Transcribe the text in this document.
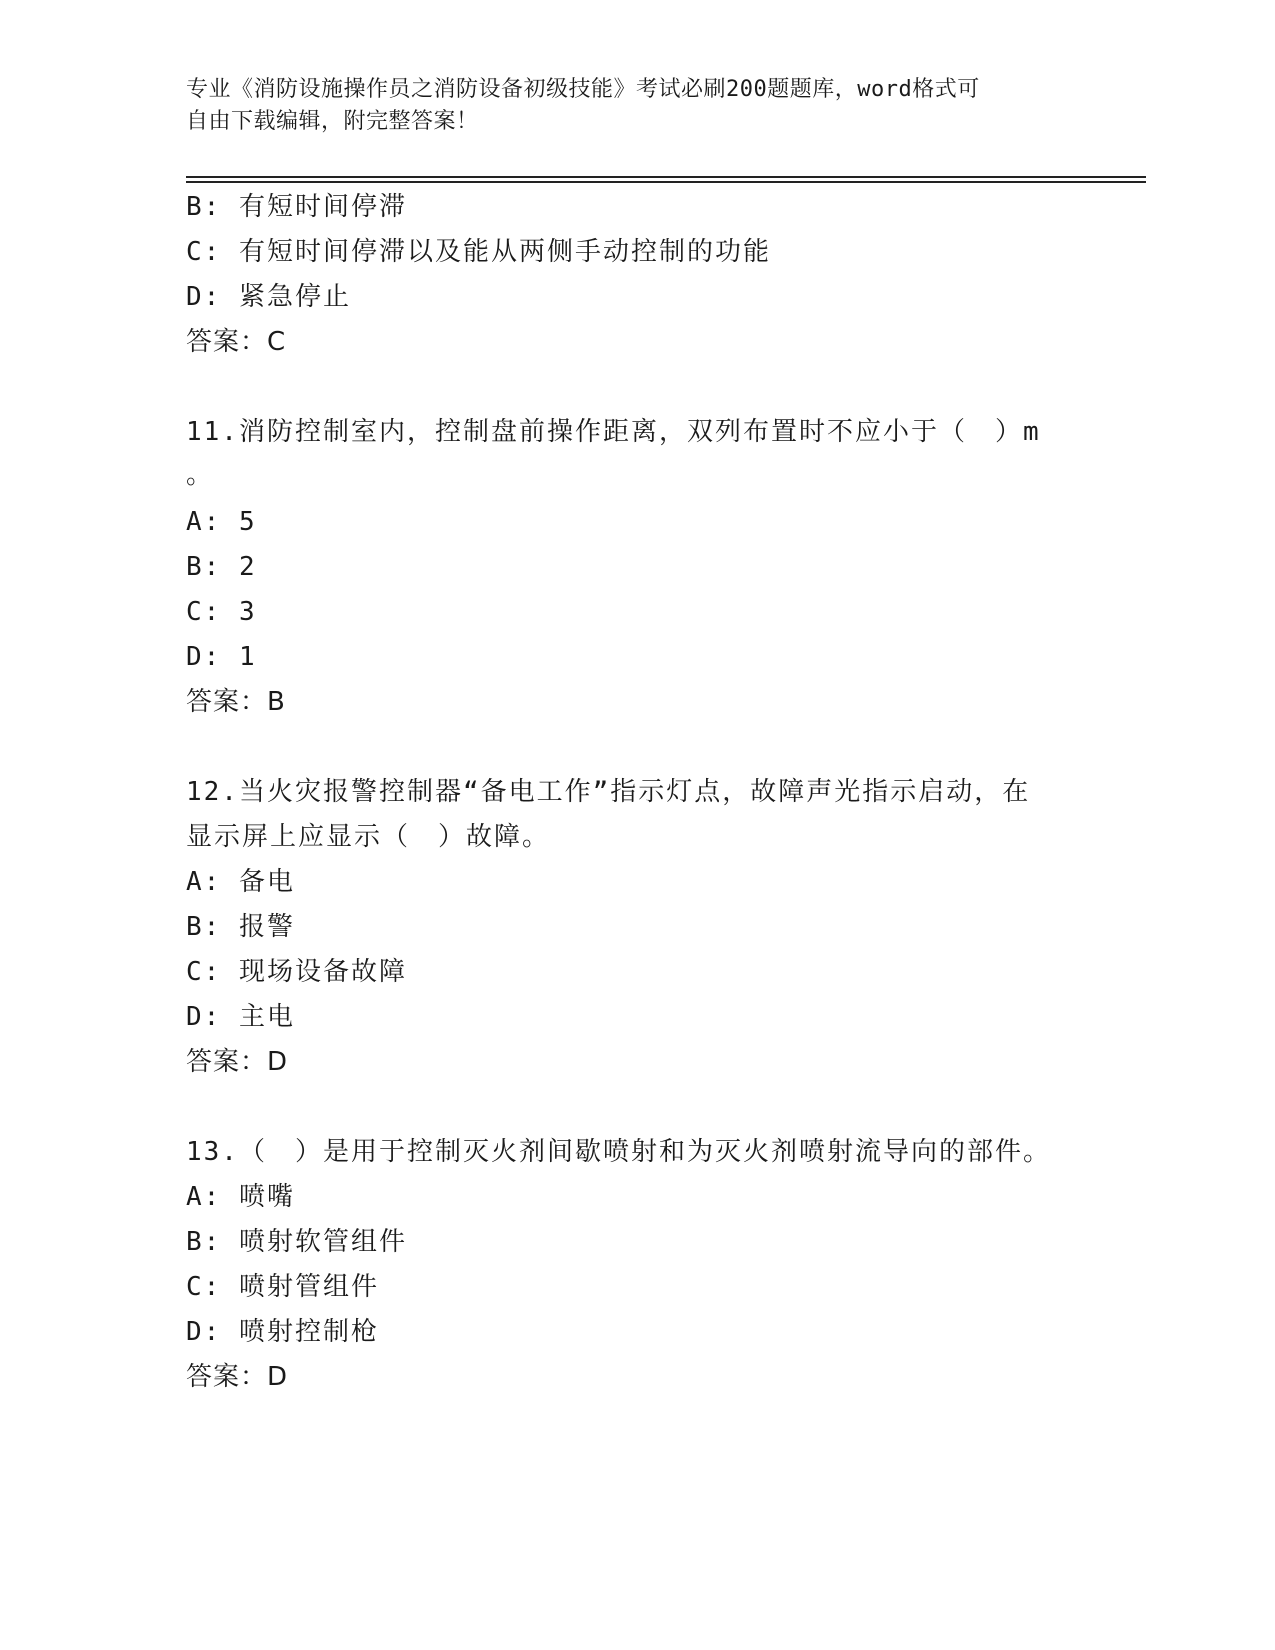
专业《消防设施操作员之消防设备初级技能》考试必刷200题题库，word格式可
自由下载编辑，附完整答案！
B: 有短时间停滞
C: 有短时间停滞以及能从两侧手动控制的功能
D: 紧急停止
答案：C
11.消防控制室内，控制盘前操作距离，双列布置时不应小于（　）m
。
A: 5
B: 2
C: 3
D: 1
答案：B
12.当火灾报警控制器“备电工作”指示灯点，故障声光指示启动，在
显示屏上应显示（　）故障。
A: 备电
B: 报警
C: 现场设备故障
D: 主电
答案：D
13.（　）是用于控制灭火剂间歇喷射和为灭火剂喷射流导向的部件。
A: 喷嘴
B: 喷射软管组件
C: 喷射管组件
D: 喷射控制枪
答案：D
